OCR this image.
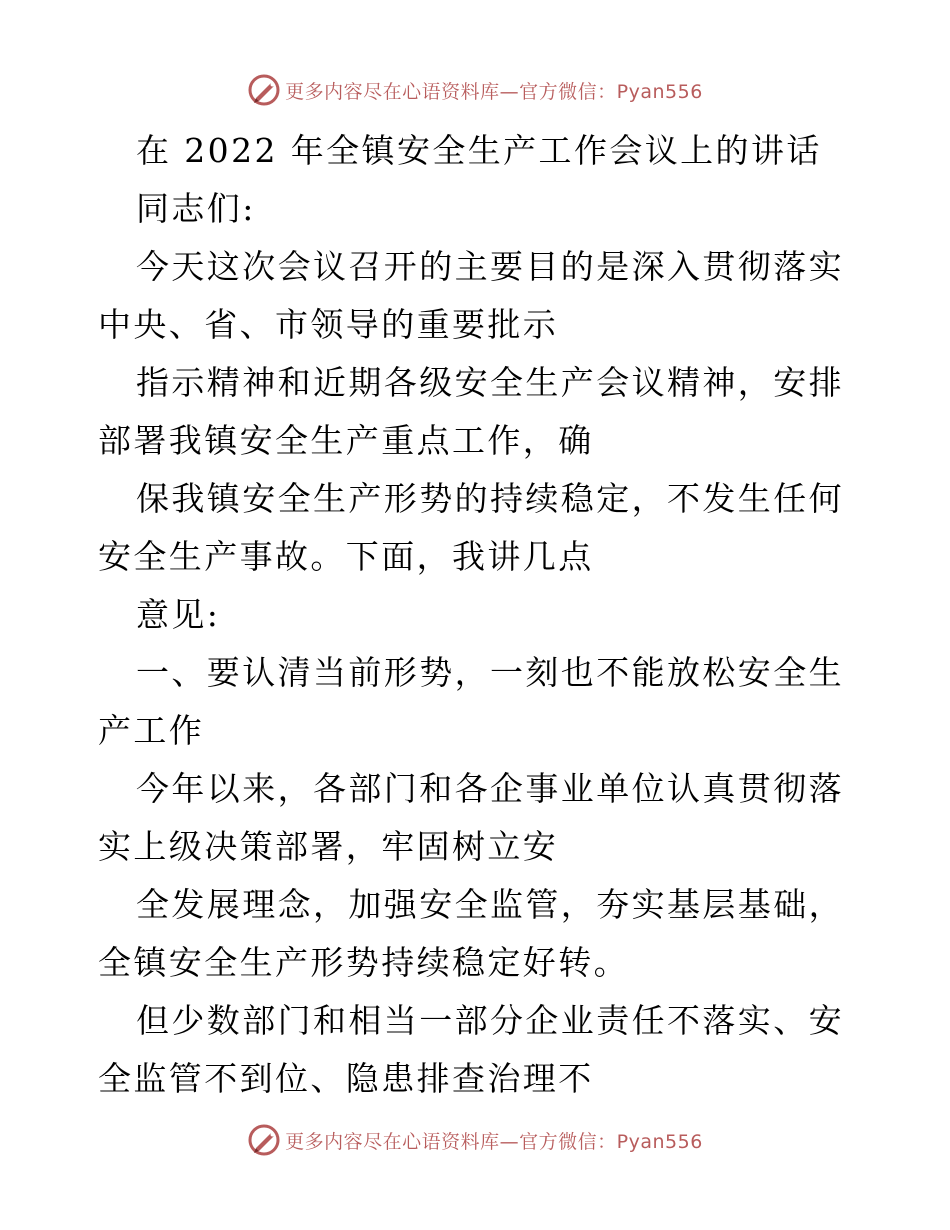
更多内容尽在心语资料库—官方微信：Pyan556

在 2022 年全镇安全生产工作会议上的讲话

同志们:

今天这次会议召开的主要目的是深入贯彻落实中央、省、市领导的重要批示

指示精神和近期各级安全生产会议精神，安排部署我镇安全生产重点工作，确

保我镇安全生产形势的持续稳定，不发生任何安全生产事故。下面，我讲几点

意见:

一、要认清当前形势，一刻也不能放松安全生产工作

今年以来，各部门和各企事业单位认真贯彻落实上级决策部署，牢固树立安

全发展理念，加强安全监管，夯实基层基础，全镇安全生产形势持续稳定好转。

但少数部门和相当一部分企业责任不落实、安全监管不到位、隐患排查治理不

更多内容尽在心语资料库—官方微信：Pyan556
